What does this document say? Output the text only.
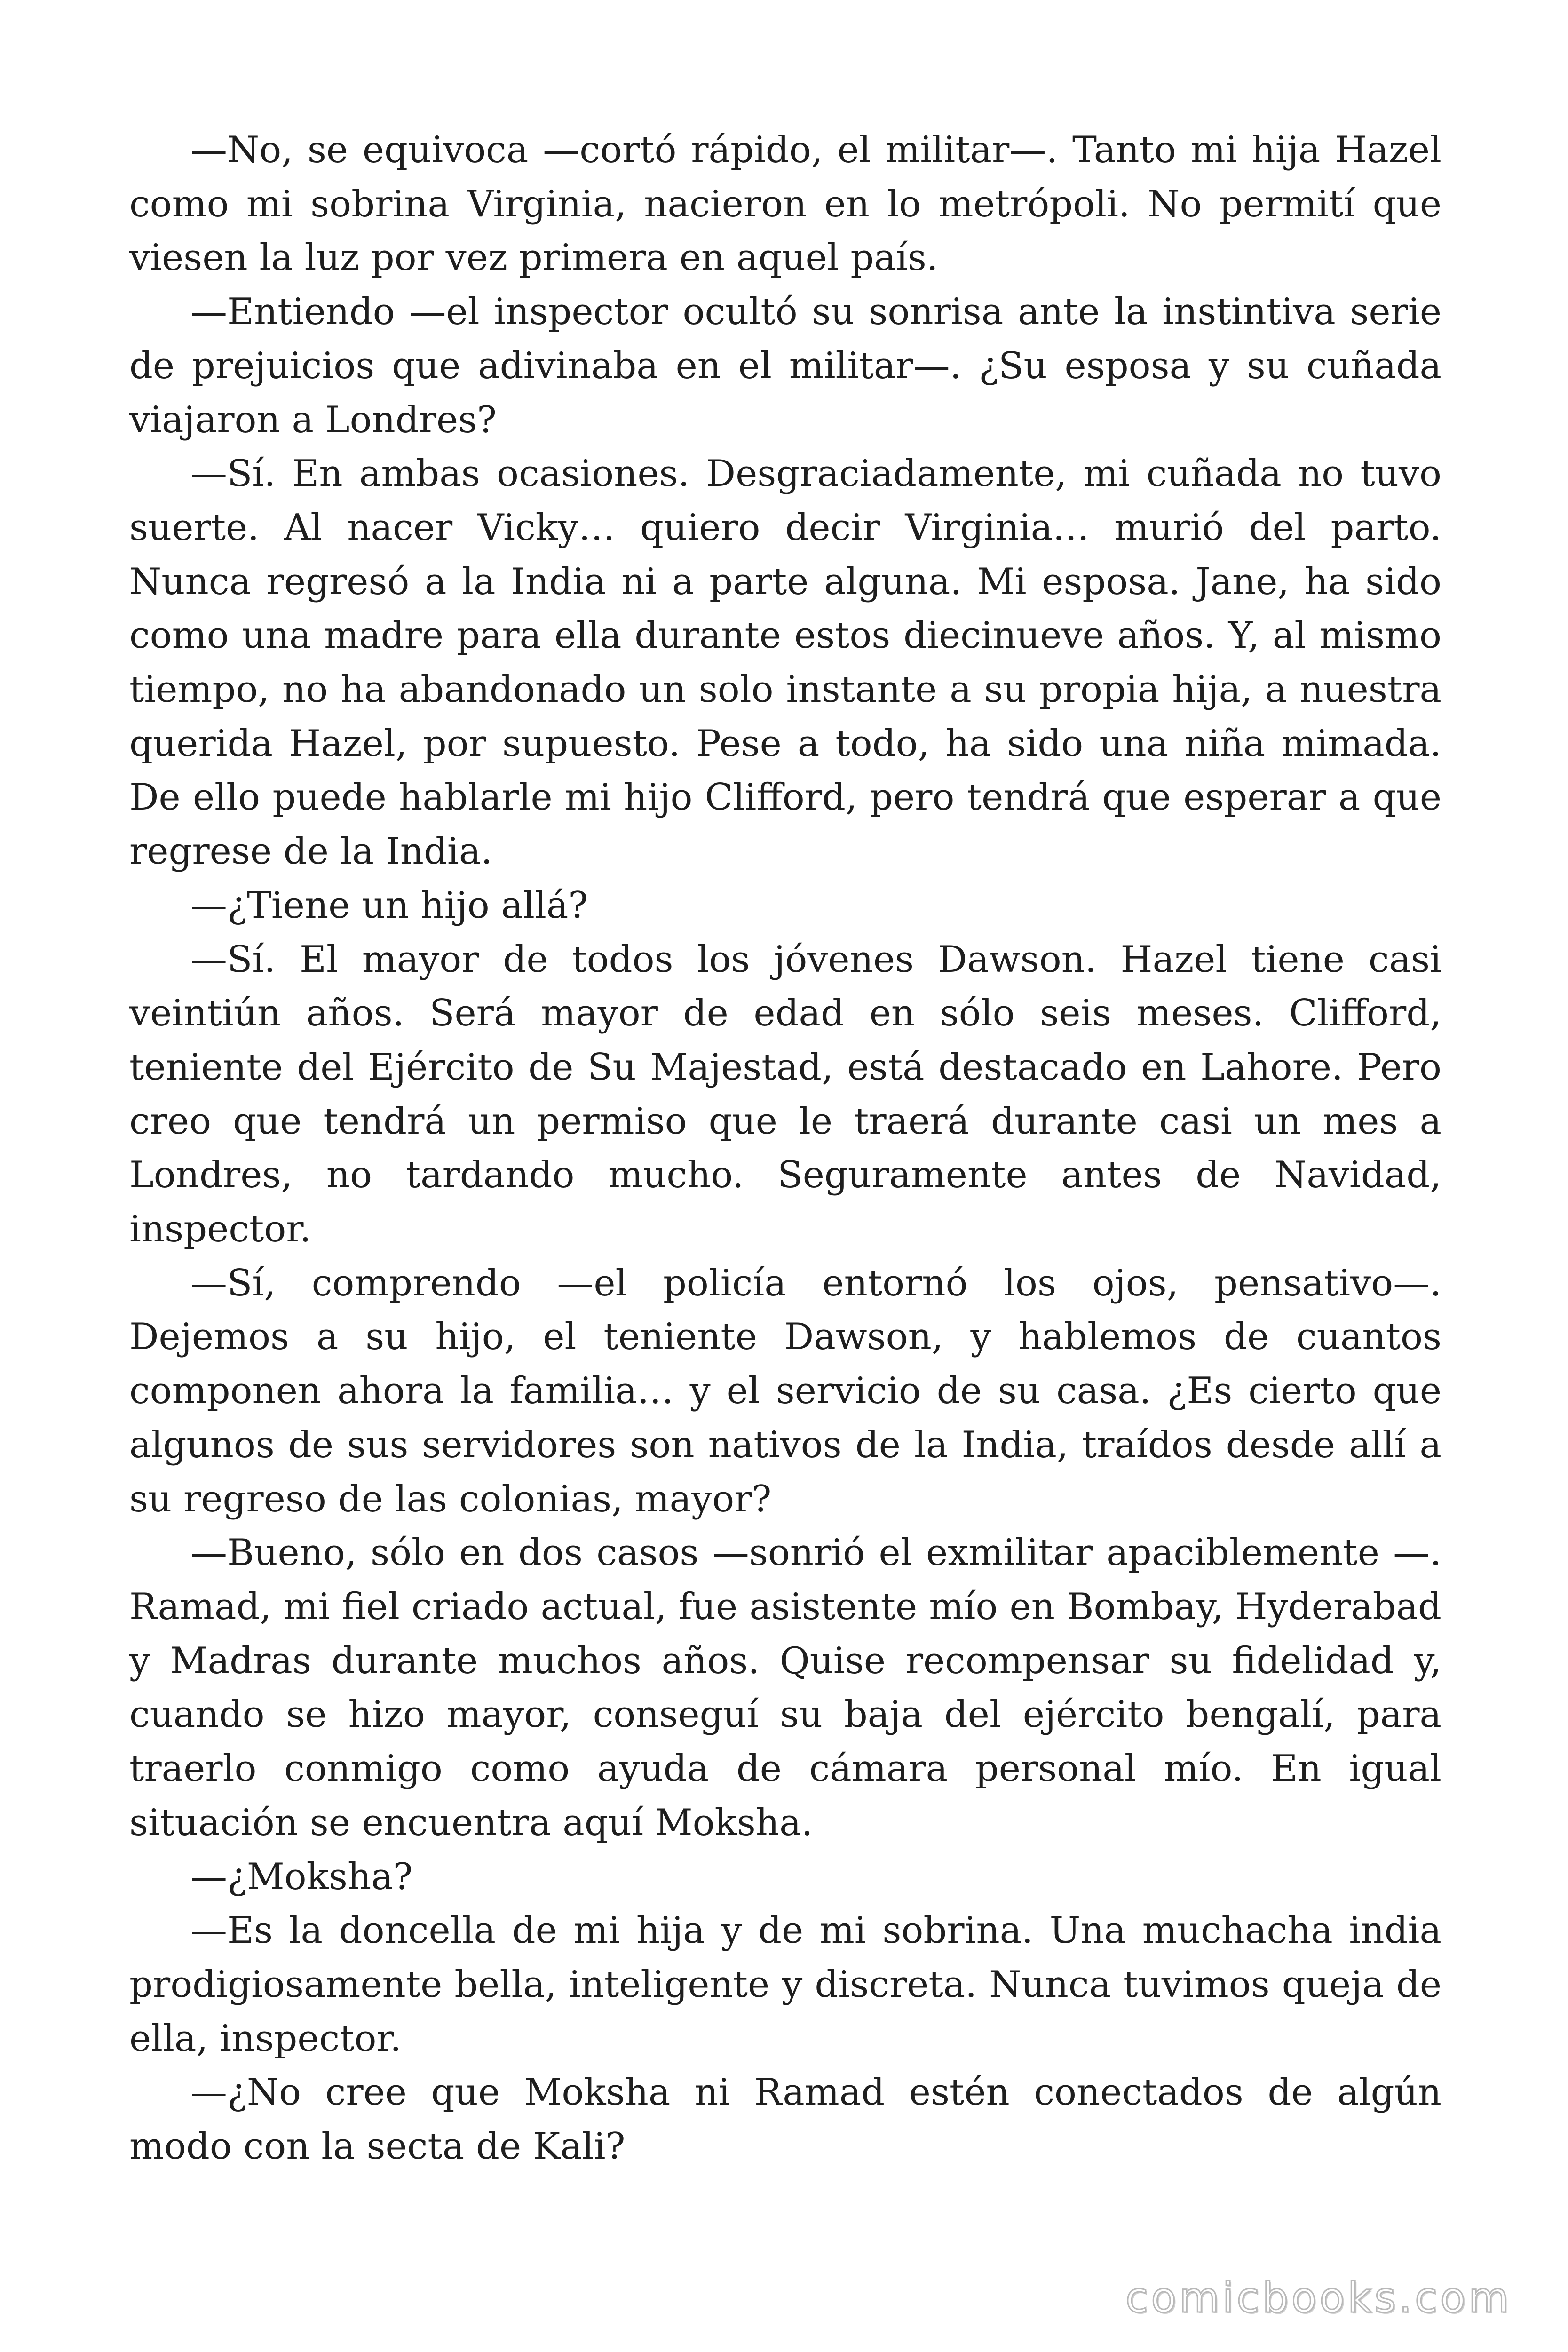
—No, se equivoca —cortó rápido, el militar—. Tanto mi hija Hazel como mi sobrina Virginia, nacieron en lo metrópoli. No permití que viesen la luz por vez primera en aquel país.

—Entiendo —el inspector ocultó su sonrisa ante la instintiva serie de prejuicios que adivinaba en el militar—. ¿Su esposa y su cuñada viajaron a Londres?

—Sí. En ambas ocasiones. Desgraciadamente, mi cuñada no tuvo suerte. Al nacer Vicky… quiero decir Virginia… murió del parto. Nunca regresó a la India ni a parte alguna. Mi esposa. Jane, ha sido como una madre para ella durante estos diecinueve años. Y, al mismo tiempo, no ha abandonado un solo instante a su propia hija, a nuestra querida Hazel, por supuesto. Pese a todo, ha sido una niña mimada. De ello puede hablarle mi hijo Clifford, pero tendrá que esperar a que regrese de la India.

—¿Tiene un hijo allá?

—Sí. El mayor de todos los jóvenes Dawson. Hazel tiene casi veintiún años. Será mayor de edad en sólo seis meses. Clifford, teniente del Ejército de Su Majestad, está destacado en Lahore. Pero creo que tendrá un permiso que le traerá durante casi un mes a Londres, no tardando mucho. Seguramente antes de Navidad, inspector.

—Sí, comprendo —el policía entornó los ojos, pensativo—. Dejemos a su hijo, el teniente Dawson, y hablemos de cuantos componen ahora la familia… y el servicio de su casa. ¿Es cierto que algunos de sus servidores son nativos de la India, traídos desde allí a su regreso de las colonias, mayor?

—Bueno, sólo en dos casos —sonrió el exmilitar apaciblemente —. Ramad, mi fiel criado actual, fue asistente mío en Bombay, Hyderabad y Madras durante muchos años. Quise recompensar su fidelidad y, cuando se hizo mayor, conseguí su baja del ejército bengalí, para traerlo conmigo como ayuda de cámara personal mío. En igual situación se encuentra aquí Moksha.

—¿Moksha?

—Es la doncella de mi hija y de mi sobrina. Una muchacha india prodigiosamente bella, inteligente y discreta. Nunca tuvimos queja de ella, inspector.

—¿No cree que Moksha ni Ramad estén conectados de algún modo con la secta de Kali?

comicbooks.com
